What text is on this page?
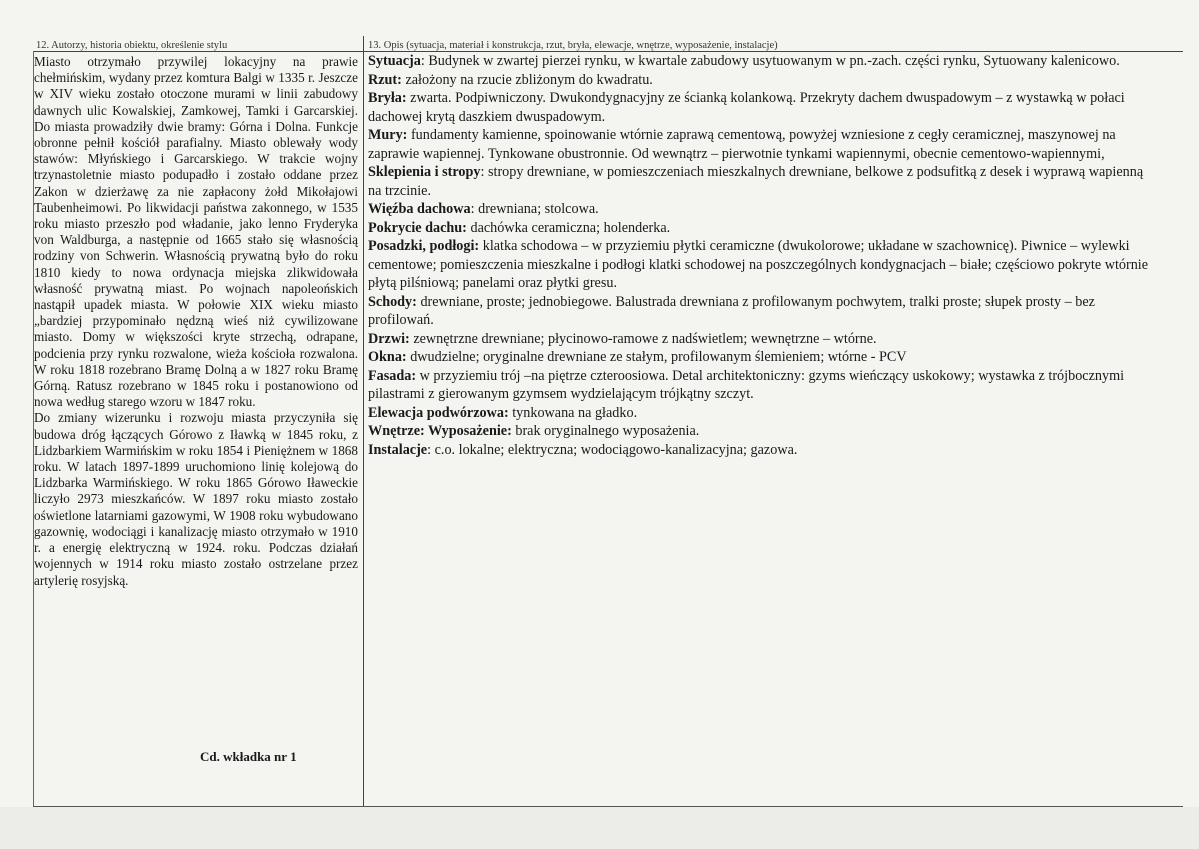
12. Autorzy, historia obiektu, określenie stylu	13. Opis (sytuacja, materiał i konstrukcja, rzut, bryła, elewacje, wnętrze, wyposażenie, instalacje)

Miasto otrzymało przywilej lokacyjny na prawie chełmińskim, wydany przez komtura Balgi w 1335 r. Jeszcze w XIV wieku zostało otoczone murami w linii zabudowy dawnych ulic Kowalskiej, Zamkowej, Tamki i Garcarskiej. Do miasta prowadziły dwie bramy: Górna i Dolna. Funkcje obronne pełnił kościół parafialny. Miasto oblewały wody stawów: Młyńskiego i Garcarskiego. W trakcie wojny trzynastoletnie miasto podupadło i zostało oddane przez Zakon w dzierżawę za nie zapłacony żołd Mikołajowi Taubenheimowi. Po likwidacji państwa zakonnego, w 1535 roku miasto przeszło pod władanie, jako lenno Fryderyka von Waldburga, a następnie od 1665 stało się własnością rodziny von Schwerin. Własnością prywatną było do roku 1810 kiedy to nowa ordynacja miejska zlikwidowała własność prywatną miast. Po wojnach napoleońskich nastąpił upadek miasta. W połowie XIX wieku miasto „bardziej przypominało nędzną wieś niż cywilizowane miasto. Domy w większości kryte strzechą, odrapane, podcienia przy rynku rozwalone, wieża kościoła rozwalona. W roku 1818 rozebrano Bramę Dolną a w 1827 roku Bramę Górną. Ratusz rozebrano w 1845 roku i postanowiono od nowa według starego wzoru w 1847 roku.

Do zmiany wizerunku i rozwoju miasta przyczyniła się budowa dróg łączących Górowo z Iławką w 1845 roku, z Lidzbarkiem Warmińskim w roku 1854 i Pieniężnem w 1868 roku. W latach 1897-1899 uruchomiono linię kolejową do Lidzbarka Warmińskiego. W roku 1865 Górowo Iławeckie liczyło 2973 mieszkańców. W 1897 roku miasto zostało oświetlone latarniami gazowymi, W 1908 roku wybudowano gazownię, wodociągi i kanalizację miasto otrzymało w 1910 r. a energię elektryczną w 1924. roku. Podczas działań wojennych w 1914 roku miasto zostało ostrzelane przez artylerię rosyjską.

Cd. wkładka nr 1

Sytuacja: Budynek w zwartej pierzei rynku, w kwartale zabudowy usytuowanym w pn.-zach. części rynku, Sytuowany kalenicowo.

Rzut: założony na rzucie zbliżonym do kwadratu.

Bryła: zwarta. Podpiwniczony. Dwukondygnacyjny ze ścianką kolankową. Przekryty dachem dwuspadowym – z wystawką w połaci dachowej krytą daszkiem dwuspadowym.

Mury: fundamenty kamienne, spoinowanie wtórnie zaprawą cementową, powyżej wzniesione z cegły ceramicznej, maszynowej na zaprawie wapiennej. Tynkowane obustronnie. Od wewnątrz – pierwotnie tynkami wapiennymi, obecnie cementowo-wapiennymi,

Sklepienia i stropy: stropy drewniane, w pomieszczeniach mieszkalnych drewniane, belkowe z podsufitką z desek i wyprawą wapienną na trzcinie.

Więźba dachowa: drewniana; stolcowa.

Pokrycie dachu: dachówka ceramiczna; holenderka.

Posadzki, podłogi: klatka schodowa – w przyziemiu płytki ceramiczne (dwukolorowe; układane w szachownicę). Piwnice – wylewki cementowe; pomieszczenia mieszkalne i podłogi klatki schodowej na poszczególnych kondygnacjach – białe; częściowo pokryte wtórnie płytą pilśniową; panelami oraz płytki gresu.

Schody: drewniane, proste; jednobiegowe. Balustrada drewniana z profilowanym pochwytem, tralki proste; słupek prosty – bez profilowań.

Drzwi: zewnętrzne drewniane; płycinowo-ramowe z nadświetlem; wewnętrzne – wtórne.

Okna: dwudzielne; oryginalne drewniane ze stałym, profilowanym ślemieniem; wtórne - PCV

Fasada: w przyziemiu trój –na piętrze czteroosiowa. Detal architektoniczny: gzyms wieńczący uskokowy; wystawka z trójbocznymi pilastrami z gierowanym gzymsem wydzielającym trójkątny szczyt.

Elewacja podwórzowa: tynkowana na gładko.

Wnętrze: Wyposażenie: brak oryginalnego wyposażenia.

Instalacje: c.o. lokalne; elektryczna; wodociągowo-kanalizacyjna; gazowa.
